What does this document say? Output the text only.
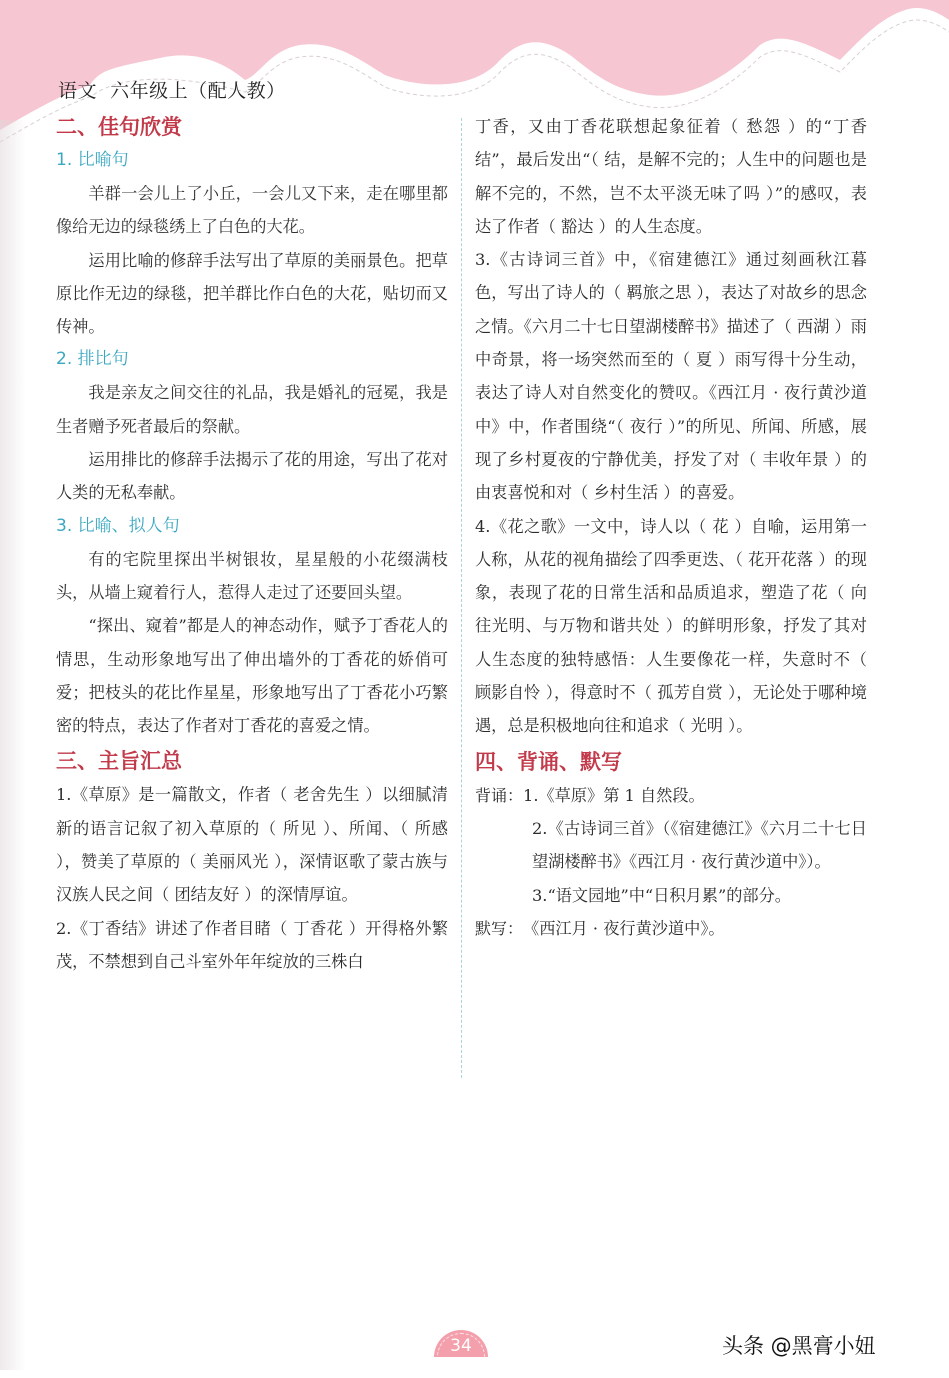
语文  六年级上（配人教）
二、佳句欣赏
1. 比喻句

羊群一会儿上了小丘，一会儿又下来，走在哪里都像给无边的绿毯绣上了白色的大花。

运用比喻的修辞手法写出了草原的美丽景色。把草原比作无边的绿毯，把羊群比作白色的大花，贴切而又传神。

2. 排比句

我是亲友之间交往的礼品，我是婚礼的冠冕，我是生者赠予死者最后的祭献。

运用排比的修辞手法揭示了花的用途，写出了花对人类的无私奉献。

3. 比喻、拟人句

有的宅院里探出半树银妆，星星般的小花缀满枝头，从墙上窥着行人，惹得人走过了还要回头望。

“探出、窥着”都是人的神态动作，赋予丁香花人的情思，生动形象地写出了伸出墙外的丁香花的娇俏可爱；把枝头的花比作星星，形象地写出了丁香花小巧繁密的特点，表达了作者对丁香花的喜爱之情。

三、主旨汇总

1.《草原》是一篇散文，作者（ 老舍先生 ）以细腻清新的语言记叙了初入草原的（ 所见 ）、所闻、（ 所感 ），赞美了草原的（ 美丽风光 ），深情讴歌了蒙古族与汉族人民之间（ 团结友好 ）的深情厚谊。

2.《丁香结》讲述了作者目睹（ 丁香花 ）开得格外繁茂，不禁想到自己斗室外年年绽放的三株白

丁香，又由丁香花联想起象征着（ 愁怨 ）的“丁香结”，最后发出“（ 结，是解不完的；人生中的问题也是解不完的，不然，岂不太平淡无味了吗 ）”的感叹，表达了作者（ 豁达 ）的人生态度。

3.《古诗词三首》中，《宿建德江》通过刻画秋江暮色，写出了诗人的（ 羁旅之思 ），表达了对故乡的思念之情。《六月二十七日望湖楼醉书》描述了（ 西湖 ）雨中奇景，将一场突然而至的（ 夏 ）雨写得十分生动，表达了诗人对自然变化的赞叹。《西江月 · 夜行黄沙道中》中，作者围绕“（ 夜行 ）”的所见、所闻、所感，展现了乡村夏夜的宁静优美，抒发了对（ 丰收年景 ）的由衷喜悦和对（ 乡村生活 ）的喜爱。

4.《花之歌》一文中，诗人以（ 花 ）自喻，运用第一人称，从花的视角描绘了四季更迭、（ 花开花落 ）的现象，表现了花的日常生活和品质追求，塑造了花（ 向往光明、与万物和谐共处 ）的鲜明形象，抒发了其对人生态度的独特感悟：人生要像花一样，失意时不（ 顾影自怜 ），得意时不（ 孤芳自赏 ），无论处于哪种境遇，总是积极地向往和追求（ 光明 ）。

四、背诵、默写
背诵： 1.《草原》第 1 自然段。

2.《古诗词三首》（《宿建德江》《六月二十七日望湖楼醉书》《西江月 · 夜行黄沙道中》）。

3.“语文园地”中“日积月累”的部分。

默写： 《西江月 · 夜行黄沙道中》。
34	头条 @黑膏小妞
